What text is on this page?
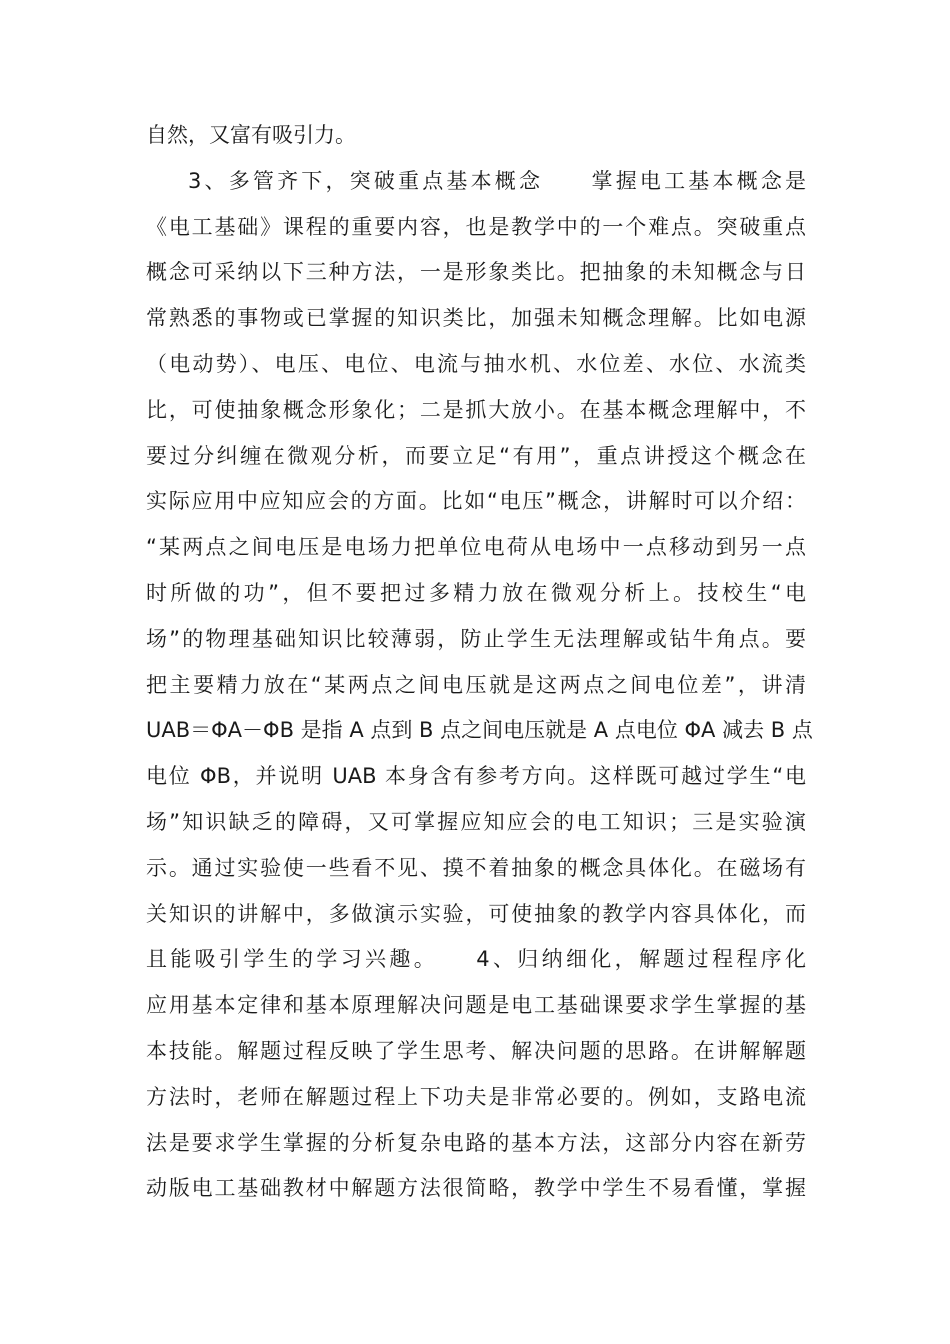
自然，又富有吸引力。
3、多管齐下，突破重点基本概念　　掌握电工基本概念是
《电工基础》课程的重要内容，也是教学中的一个难点。突破重点
概念可采纳以下三种方法，一是形象类比。把抽象的未知概念与日
常熟悉的事物或已掌握的知识类比，加强未知概念理解。比如电源
（电动势）、电压、电位、电流与抽水机、水位差、水位、水流类
比，可使抽象概念形象化；二是抓大放小。在基本概念理解中，不
要过分纠缠在微观分析，而要立足“有用”，重点讲授这个概念在
实际应用中应知应会的方面。比如“电压”概念，讲解时可以介绍：
“某两点之间电压是电场力把单位电荷从电场中一点移动到另一点
时所做的功”，但不要把过多精力放在微观分析上。技校生“电
场”的物理基础知识比较薄弱，防止学生无法理解或钻牛角点。要
把主要精力放在“某两点之间电压就是这两点之间电位差”，讲清
UAB＝ΦA－ΦB 是指 A 点到 B 点之间电压就是 A 点电位 ΦA 减去 B 点
电位 ΦB，并说明 UAB 本身含有参考方向。这样既可越过学生“电
场”知识缺乏的障碍，又可掌握应知应会的电工知识；三是实验演
示。通过实验使一些看不见、摸不着抽象的概念具体化。在磁场有
关知识的讲解中，多做演示实验，可使抽象的教学内容具体化，而
且能吸引学生的学习兴趣。　　4、归纳细化，解题过程程序化
应用基本定律和基本原理解决问题是电工基础课要求学生掌握的基
本技能。解题过程反映了学生思考、解决问题的思路。在讲解解题
方法时，老师在解题过程上下功夫是非常必要的。例如，支路电流
法是要求学生掌握的分析复杂电路的基本方法，这部分内容在新劳
动版电工基础教材中解题方法很简略，教学中学生不易看懂，掌握
